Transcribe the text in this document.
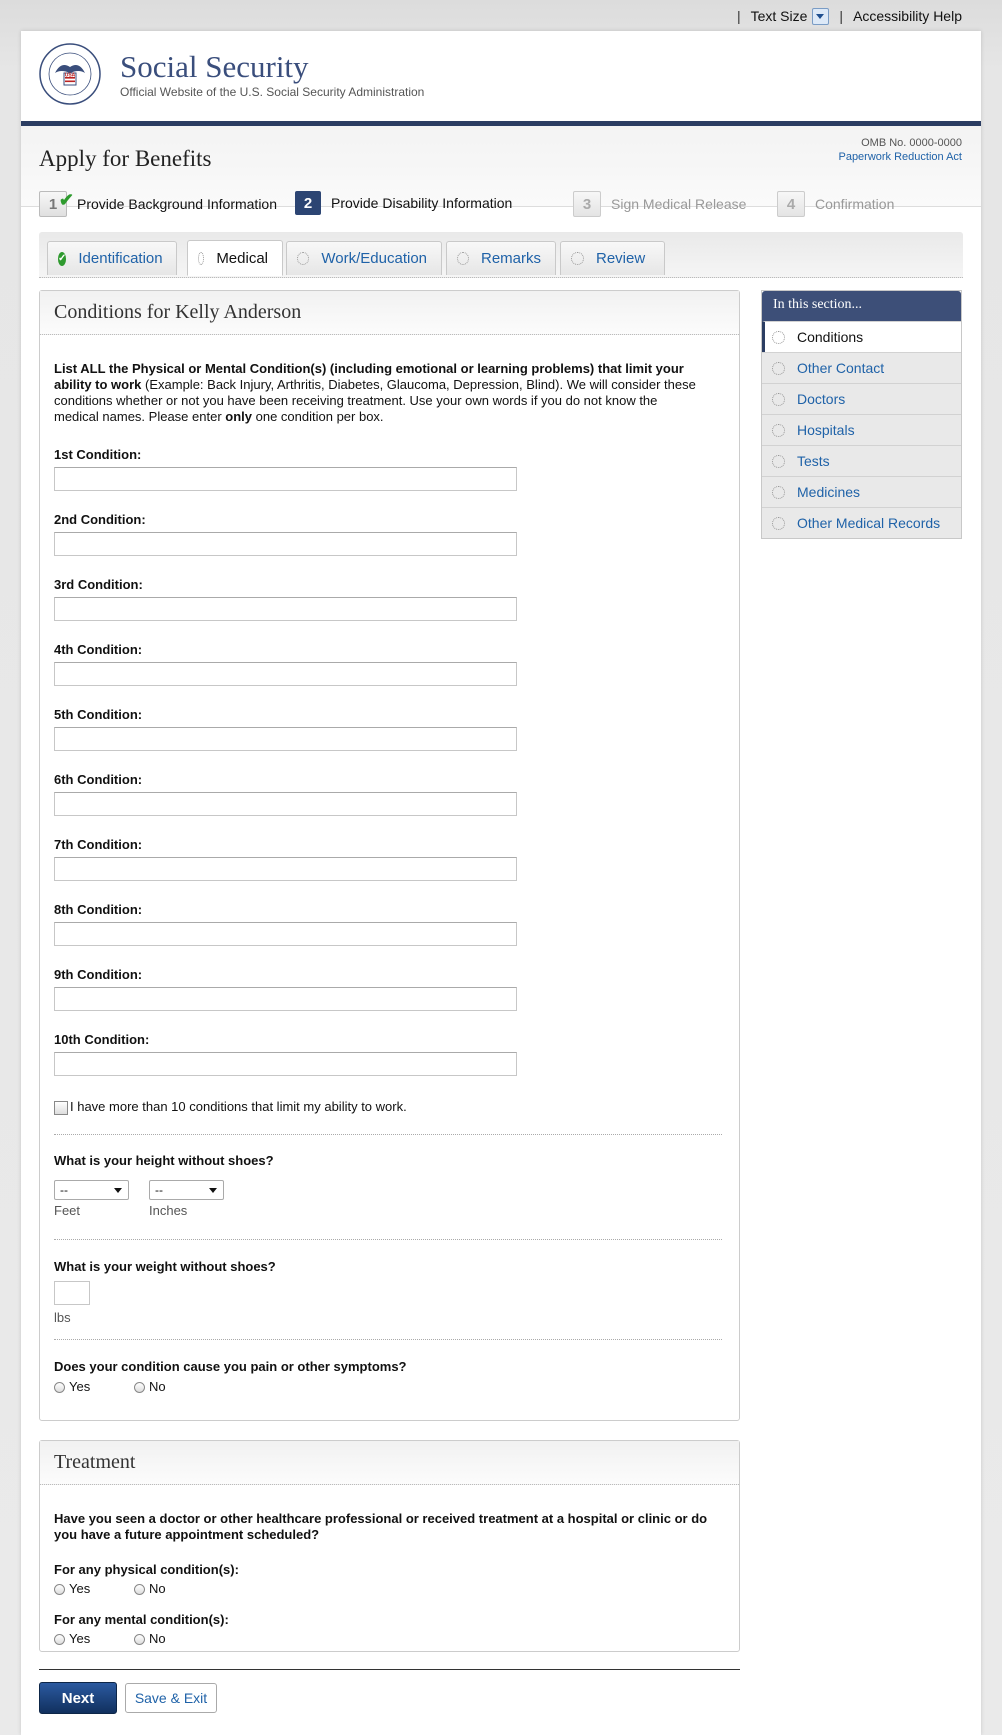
| Text Size | Accessibility Help
USA Social Security
Official Website of the U.S. Social Security Administration
Apply for Benefits
OMB No. 0000-0000
Paperwork Reduction Act
1 ✔ Provide Background Information	2	Provide Disability Information	3	Sign Medical Release	4	Confirmation
✓ Identification	Medical	Work/Education	Remarks	Review
Conditions for Kelly Anderson
List ALL the Physical or Mental Condition(s) (including emotional or learning problems) that limit your ability to work (Example: Back Injury, Arthritis, Diabetes, Glaucoma, Depression, Blind). We will consider these conditions whether or not you have been receiving treatment. Use your own words if you do not know the medical names. Please enter only one condition per box.
1st Condition:
2nd Condition:
3rd Condition:
4th Condition:
5th Condition:
6th Condition:
7th Condition:
8th Condition:
9th Condition:
10th Condition:
I have more than 10 conditions that limit my ability to work.
What is your height without shoes?
--	--
Feet	Inches
What is your weight without shoes?
lbs
Does your condition cause you pain or other symptoms?
Yes	No
Treatment
Have you seen a doctor or other healthcare professional or received treatment at a hospital or clinic or do you have a future appointment scheduled?
For any physical condition(s):
Yes	No
For any mental condition(s):
Yes	No
In this section...
Conditions
Other Contact
Doctors
Hospitals
Tests
Medicines
Other Medical Records
Next	Save & Exit
